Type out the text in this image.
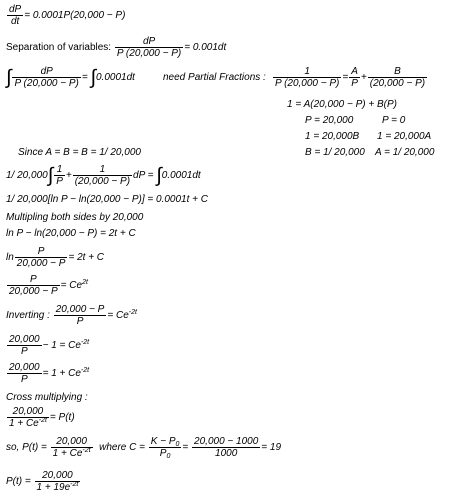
$\frac{dP}{dt} = 0.0001P(20,000 - P)$
Separation of variables: $\frac{dP}{P (20,000 - P)} = 0.001dt$
∫ $\frac{dP}{P (20,000 - P)} = \int 0.0001dt$	need Partial Fractions : $\frac{1}{P (20,000 - P)} = \frac{A}{P} + \frac{B}{(20,000 - P)}$
1 = A(20,000 − P) + B(P)
P = 20,000	P = 0
1 = 20,000B 1 = 20,000A
B = 1/ 20,000 A = 1/ 20,000
Since A = B = B = 1/ 20,000
1/ $20,000\int \frac{1}{P} + \frac{1}{(20,000 - P)}$ dP = ∫0.0001dt
1/ 20,000[ln P − ln(20,000 − P)] = 0.0001t + C
Multipling both sides by 20,000
ln P − ln(20,000 − P) = 2t + C
$\ln \frac{P}{20,000 - P} = 2t + C$
$\frac{P}{20,000 - P} = Ce^{2t}$
Inverting : $\frac{20,000 - P}{P} = Ce^{-2t}$
$\frac{20,000}{P} - 1 = Ce^{-2t}$
$\frac{20,000}{P} = 1 + Ce^{-2t}$
Cross multiplying :
$\frac{20,000}{1 + Ce^{-2t}} = P(t)$
so, $P(t) = \frac{20,000}{1 + Ce^{-2t}}$ where $C = \frac{K - P_0}{P_0} = \frac{20,000 - 1000}{1000} = 19$
$P(t) = \frac{20,000}{1 + 19e^{-2t}}$
